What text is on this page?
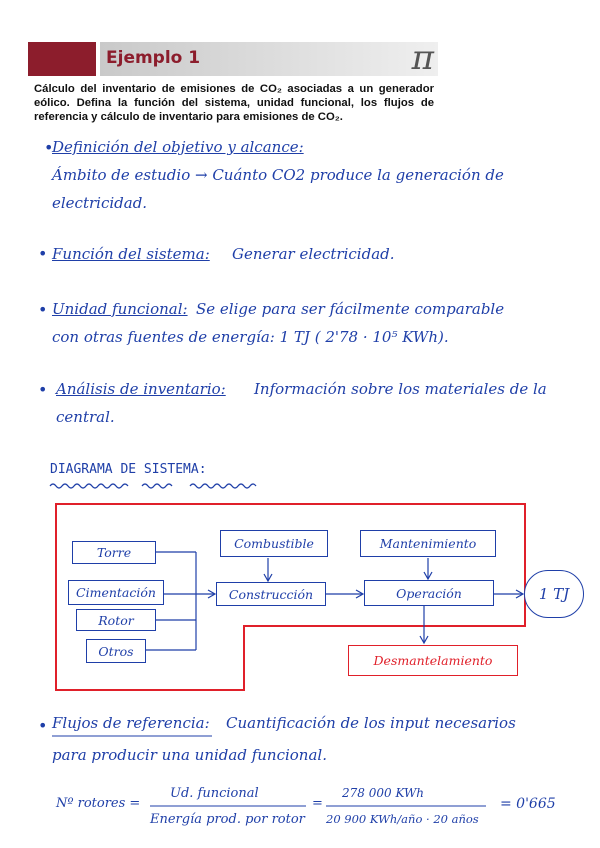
Ejemplo 1	π
Cálculo del inventario de emisiones de CO₂ asociadas a un generador eólico. Defina la función del sistema, unidad funcional, los flujos de referencia y cálculo de inventario para emisiones de CO₂.
•
Definición del objetivo y alcance:
Ámbito de estudio → Cuánto CO2 produce la generación de
electricidad.
• Función del sistema: Generar electricidad.
• Unidad funcional: Se elige para ser fácilmente comparable
con otras fuentes de energía: 1 TJ ( 2'78 · 10⁵ KWh).
• Análisis de inventario: Información sobre los materiales de la
central.
DIAGRAMA DE SISTEMA:
Torre
Cimentación
Rotor
Otros
Combustible	Mantenimiento
Construcción	Operación
Desmantelamiento
1 TJ
• Flujos de referencia: Cuantificación de los input necesarios
para producir una unidad funcional.
Nº rotores =
Ud. funcional
Energía prod. por rotor
=
278 000 KWh
20 900 KWh/año · 20 años
= 0'665
